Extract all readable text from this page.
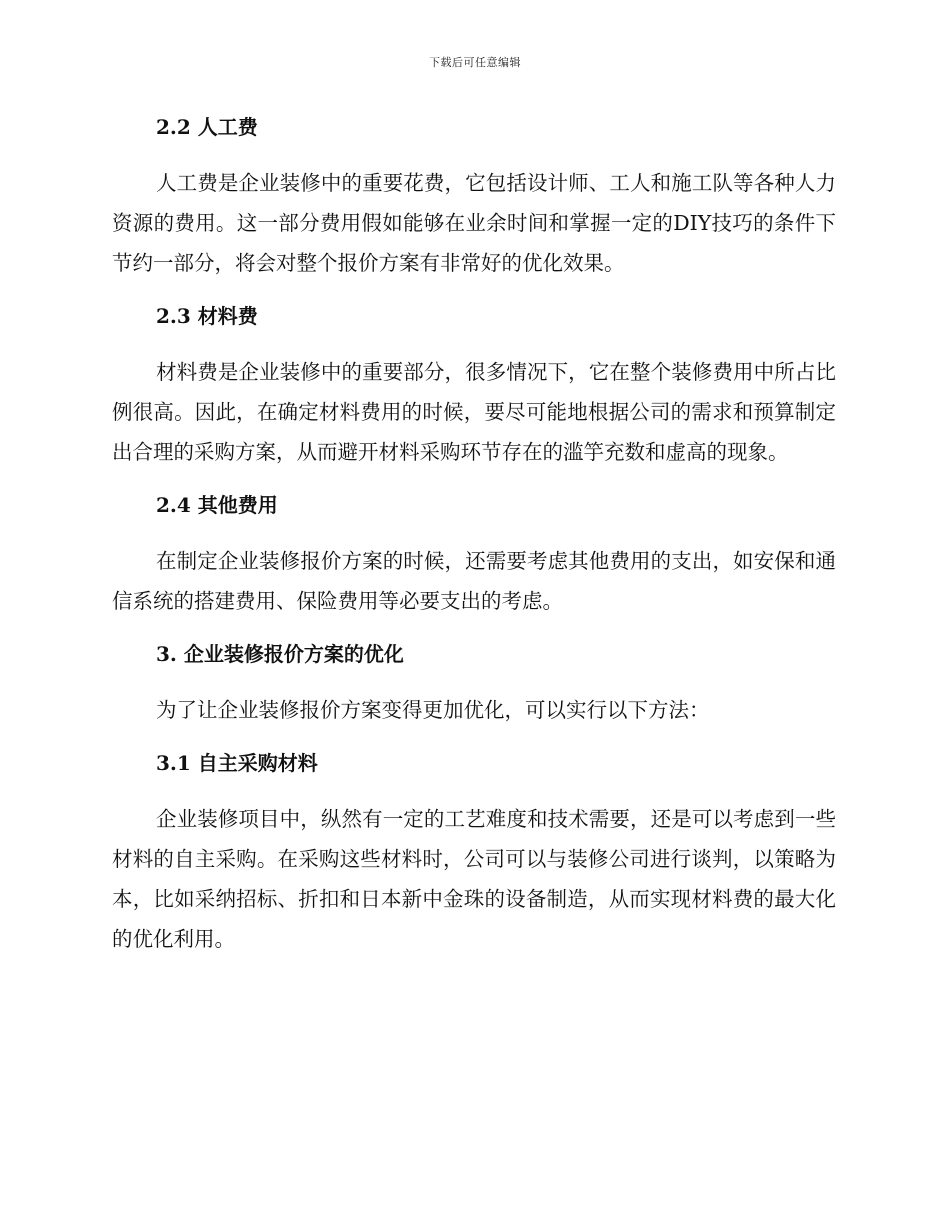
下载后可任意编辑
2.2 人工费

人工费是企业装修中的重要花费，它包括设计师、工人和施工队等各种人力资源的费用。这一部分费用假如能够在业余时间和掌握一定的DIY技巧的条件下节约一部分，将会对整个报价方案有非常好的优化效果。

2.3 材料费

材料费是企业装修中的重要部分，很多情况下，它在整个装修费用中所占比例很高。因此，在确定材料费用的时候，要尽可能地根据公司的需求和预算制定出合理的采购方案，从而避开材料采购环节存在的滥竽充数和虚高的现象。

2.4 其他费用

在制定企业装修报价方案的时候，还需要考虑其他费用的支出，如安保和通信系统的搭建费用、保险费用等必要支出的考虑。

3. 企业装修报价方案的优化

为了让企业装修报价方案变得更加优化，可以实行以下方法：

3.1 自主采购材料

企业装修项目中，纵然有一定的工艺难度和技术需要，还是可以考虑到一些材料的自主采购。在采购这些材料时，公司可以与装修公司进行谈判，以策略为本，比如采纳招标、折扣和日本新中金珠的设备制造，从而实现材料费的最大化的优化利用。
